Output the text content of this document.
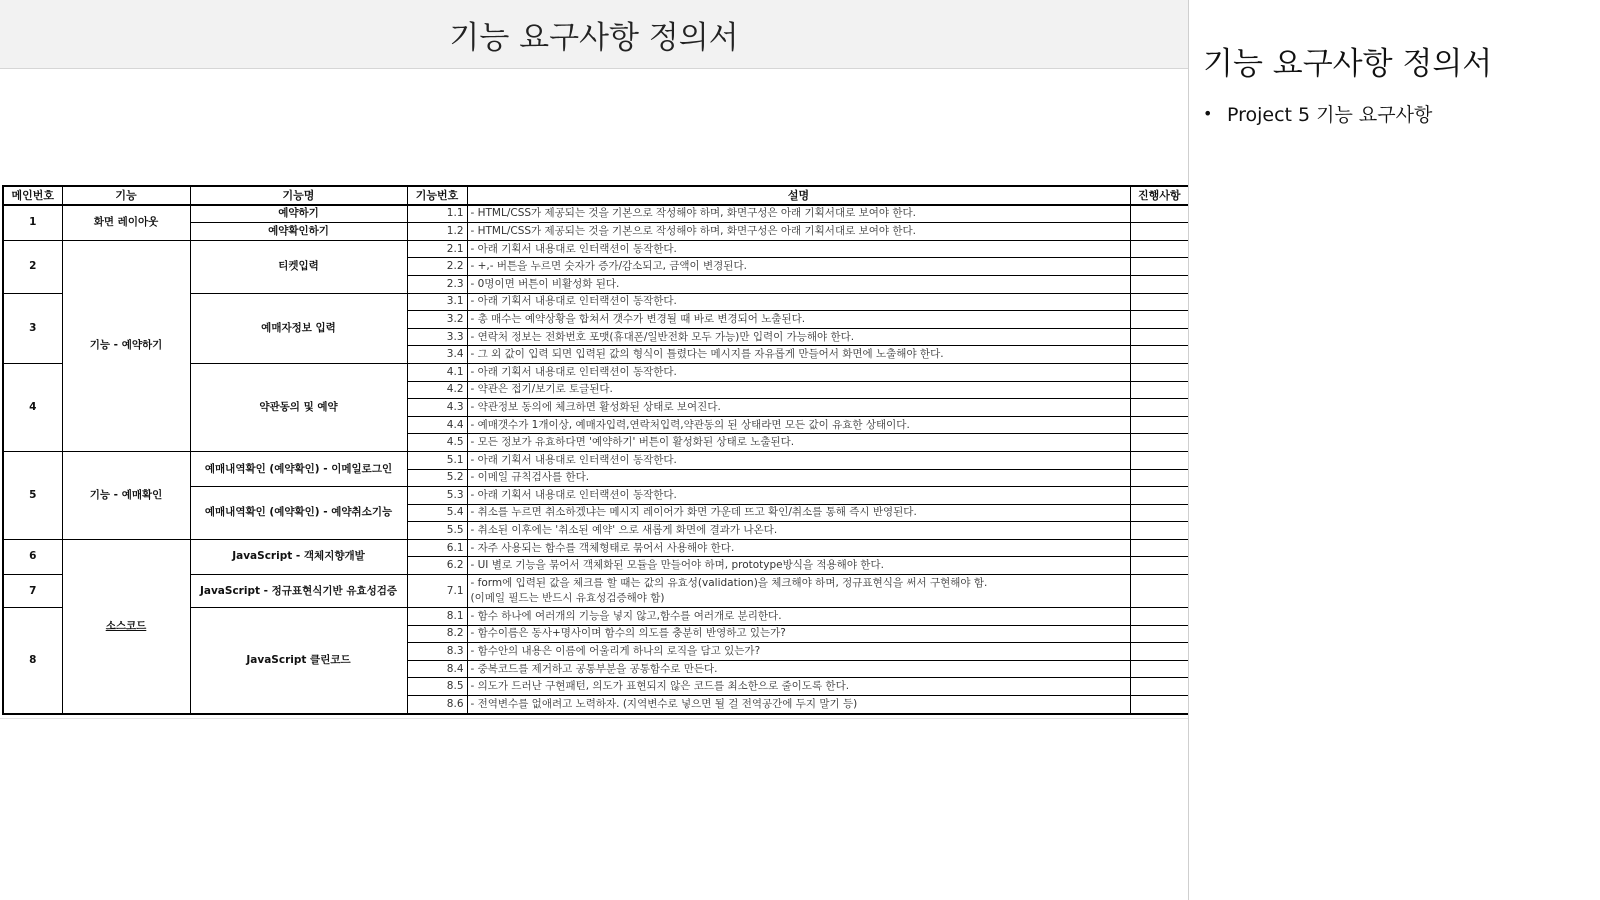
기능 요구사항 정의서
메인번호	기능	기능명	기능번호	설명	진행사항
1	화면 레이아웃	예약하기	1.1	- HTML/CSS가 제공되는 것을 기본으로 작성해야 하며, 화면구성은 아래 기획서대로 보여야 한다.	
		예약확인하기	1.2	- HTML/CSS가 제공되는 것을 기본으로 작성해야 하며, 화면구성은 아래 기획서대로 보여야 한다.	
2	기능 - 예약하기	티켓입력	2.1	- 아래 기획서 내용대로 인터랙션이 동작한다.	
			2.2	- +,- 버튼을 누르면 숫자가 증가/감소되고, 금액이 변경된다.	
			2.3	- 0명이면 버튼이 비활성화 된다.	
3		예매자정보 입력	3.1	- 아래 기획서 내용대로 인터랙션이 동작한다.	
			3.2	- 총 매수는 예약상황을 합쳐서 갯수가 변경될 때 바로 변경되어 노출된다.	
			3.3	- 연락처 정보는 전화번호 포맷(휴대폰/일반전화 모두 가능)만 입력이 가능해야 한다.	
			3.4	- 그 외 값이 입력 되면 입력된 값의 형식이 틀렸다는 메시지를 자유롭게 만들어서 화면에 노출해야 한다.	
4		약관동의 및 예약	4.1	- 아래 기획서 내용대로 인터랙션이 동작한다.	
			4.2	- 약관은 접기/보기로 토글된다.	
			4.3	- 약관정보 동의에 체크하면 활성화된 상태로 보여진다.	
			4.4	- 예매갯수가 1개이상, 예매자입력,연락처입력,약관동의 된 상태라면 모든 값이 유효한 상태이다.	
			4.5	- 모든 정보가 유효하다면 '예약하기' 버튼이 활성화된 상태로 노출된다.	
5	기능 - 예매확인	예매내역확인 (예약확인) - 이메일로그인	5.1	- 아래 기획서 내용대로 인터랙션이 동작한다.	
			5.2	- 이메일 규칙검사를 한다.	
		예매내역확인 (예약확인) - 예약취소기능	5.3	- 아래 기획서 내용대로 인터랙션이 동작한다.	
			5.4	- 취소를 누르면 취소하겠냐는 메시지 레이어가 화면 가운데 뜨고 확인/취소를 통해 즉시 반영된다.	
			5.5	- 취소된 이후에는 '취소된 예약' 으로 새롭게 화면에 결과가 나온다.	
6	소스코드	JavaScript - 객체지향개발	6.1	- 자주 사용되는 함수를 객체형태로 묶어서 사용해야 한다.	
			6.2	- UI 별로 기능을 묶어서 객체화된 모듈을 만들어야 하며, prototype방식을 적용해야 한다.	
7		JavaScript - 정규표현식기반 유효성검증	7.1	- form에 입력된 값을 체크를 할 때는 값의 유효성(validation)을 체크해야 하며, 정규표현식을 써서 구현해야 함.
(이메일 필드는 반드시 유효성검증해야 함)	

8		JavaScript 클린코드	8.1	- 함수 하나에 여러개의 기능을 넣지 않고,함수를 여러개로 분리한다.	
			8.2	- 함수이름은 동사+명사이며 함수의 의도를 충분히 반영하고 있는가?	
			8.3	- 함수안의 내용은 이름에 어울리게 하나의 로직을 담고 있는가?	
			8.4	- 중복코드를 제거하고 공통부분을 공통함수로 만든다.	
			8.5	- 의도가 드러난 구현패턴, 의도가 표현되지 않은 코드를 최소한으로 줄이도록 한다.	
			8.6	- 전역변수를 없애려고 노력하자. (지역변수로 넣으면 될 걸 전역공간에 두지 말기 등)	
기능 요구사항 정의서
• Project 5 기능 요구사항
